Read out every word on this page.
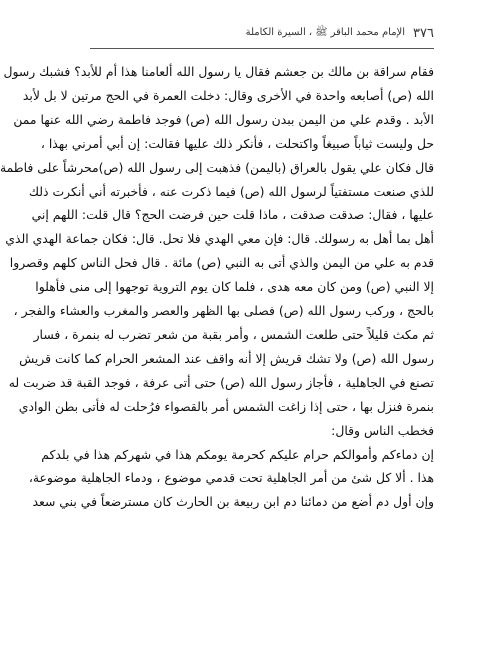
٣٧٦
الإمام محمد الباقر ﷺ ، السيرة الكاملة
فقام سراقة بن مالك بن جعشم فقال يا رسول الله ألعامنا هذا أم للأبد؟ فشبك رسول
الله (ص) أصابعه واحدة في الأخرى وقال: دخلت العمرة في الحج مرتين لا بل لأبد
الأبد . وقدم علي من اليمن ببدن رسول الله (ص) فوجد فاطمة رضي الله عنها ممن
حل وليست ثياباً صبيغاً واكتحلت ، فأنكر ذلك عليها فقالت: إن أبي أمرني بهذا ،
قال فكان علي يقول بالعراق (باليمن) فذهبت إلى رسول الله (ص)محرشاً على فاطمة
للذي صنعت مستفتياً لرسول الله (ص) فيما ذكرت عنه ، فأخبرته أني أنكرت ذلك
عليها ، فقال: صدقت صدقت ، ماذا قلت حين فرضت الحج؟ قال قلت: اللهم إني
أهل بما أهل به رسولك. قال: فإن معي الهدي فلا تحل. قال: فكان جماعة الهدي الذي
قدم به علي من اليمن والذي أتى به النبي (ص) مائة . قال فحل الناس كلهم وقصروا
إلا النبي (ص) ومن كان معه هدى ، فلما كان يوم التروية توجهوا إلى منى فأهلوا
بالحج ، وركب رسول الله (ص) فصلى بها الظهر والعصر والمغرب والعشاء والفجر ،
ثم مكث قليلاً حتى طلعت الشمس ، وأمر بقبة من شعر تضرب له بنمرة ، فسار
رسول الله (ص) ولا تشك قريش إلا أنه واقف عند المشعر الحرام كما كانت قريش
تصنع في الجاهلية ، فأجاز رسول الله (ص) حتى أتى عرفة ، فوجد القبة قد ضربت له
بنمرة فنزل بها ، حتى إذا زاغت الشمس أمر بالقصواء فرُحلت له فأتى بطن الوادي
فخطب الناس وقال:
إن دماءكم وأموالكم حرام عليكم كحرمة يومكم هذا في شهركم هذا في بلدكم
هذا . ألا كل شئ من أمر الجاهلية تحت قدمي موضوع ، ودماء الجاهلية موضوعة،
وإن أول دم أضع من دمائنا دم ابن ربيعة بن الحارث كان مسترضعاً في بني سعد
